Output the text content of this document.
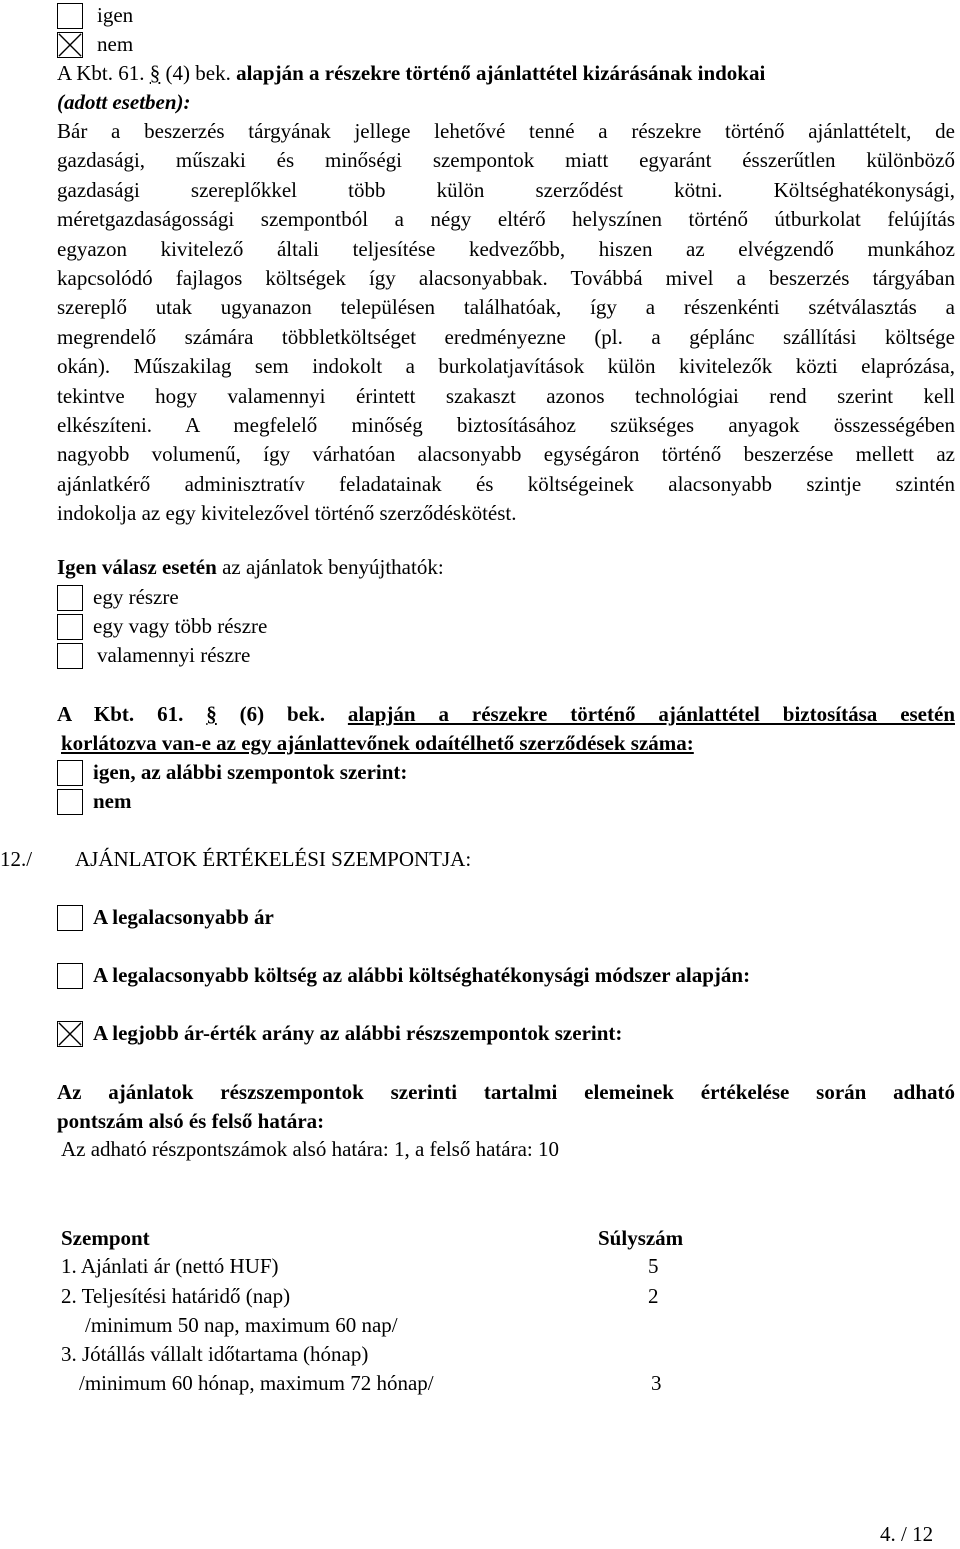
igen
nem
A Kbt. 61. § (4) bek. alapján a részekre történő ajánlattétel kizárásának indokai
(adott esetben):
Bár a beszerzés tárgyának jellege lehetővé tenné a részekre történő ajánlattételt, de
gazdasági, műszaki és minőségi szempontok miatt egyaránt ésszerűtlen különböző
gazdasági szereplőkkel több külön szerződést kötni. Költséghatékonysági,
méretgazdaságossági szempontból a négy eltérő helyszínen történő útburkolat felújítás
egyazon kivitelező általi teljesítése kedvezőbb, hiszen az elvégzendő munkához
kapcsolódó fajlagos költségek így alacsonyabbak. Továbbá mivel a beszerzés tárgyában
szereplő utak ugyanazon településen találhatóak, így a részenkénti szétválasztás a
megrendelő számára többletköltséget eredményezne (pl. a géplánc szállítási költsége
okán). Műszakilag sem indokolt a burkolatjavítások külön kivitelezők közti elaprózása,
tekintve hogy valamennyi érintett szakaszt azonos technológiai rend szerint kell
elkészíteni. A megfelelő minőség biztosításához szükséges anyagok összességében
nagyobb volumenű, így várhatóan alacsonyabb egységáron történő beszerzése mellett az
ajánlatkérő adminisztratív feladatainak és költségeinek alacsonyabb szintje szintén
indokolja az egy kivitelezővel történő szerződéskötést.
Igen válasz esetén az ajánlatok benyújthatók:
egy részre
egy vagy több részre
valamennyi részre
A Kbt. 61. § (6) bek. alapján a részekre történő ajánlattétel biztosítása esetén
korlátozva van-e az egy ajánlattevőnek odaítélhető szerződések száma:
igen, az alábbi szempontok szerint:
nem
12./ AJÁNLATOK ÉRTÉKELÉSI SZEMPONTJA:
A legalacsonyabb ár
A legalacsonyabb költség az alábbi költséghatékonysági módszer alapján:
A legjobb ár-érték arány az alábbi részszempontok szerint:
Az ajánlatok részszempontok szerinti tartalmi elemeinek értékelése során adható
pontszám alsó és felső határa:
Az adható részpontszámok alsó határa: 1, a felső határa: 10
Szempont	Súlyszám
1. Ajánlati ár (nettó HUF)	5
2. Teljesítési határidő (nap)	2
/minimum 50 nap, maximum 60 nap/
3. Jótállás vállalt időtartama (hónap)
/minimum 60 hónap, maximum 72 hónap/	3
4. / 12
